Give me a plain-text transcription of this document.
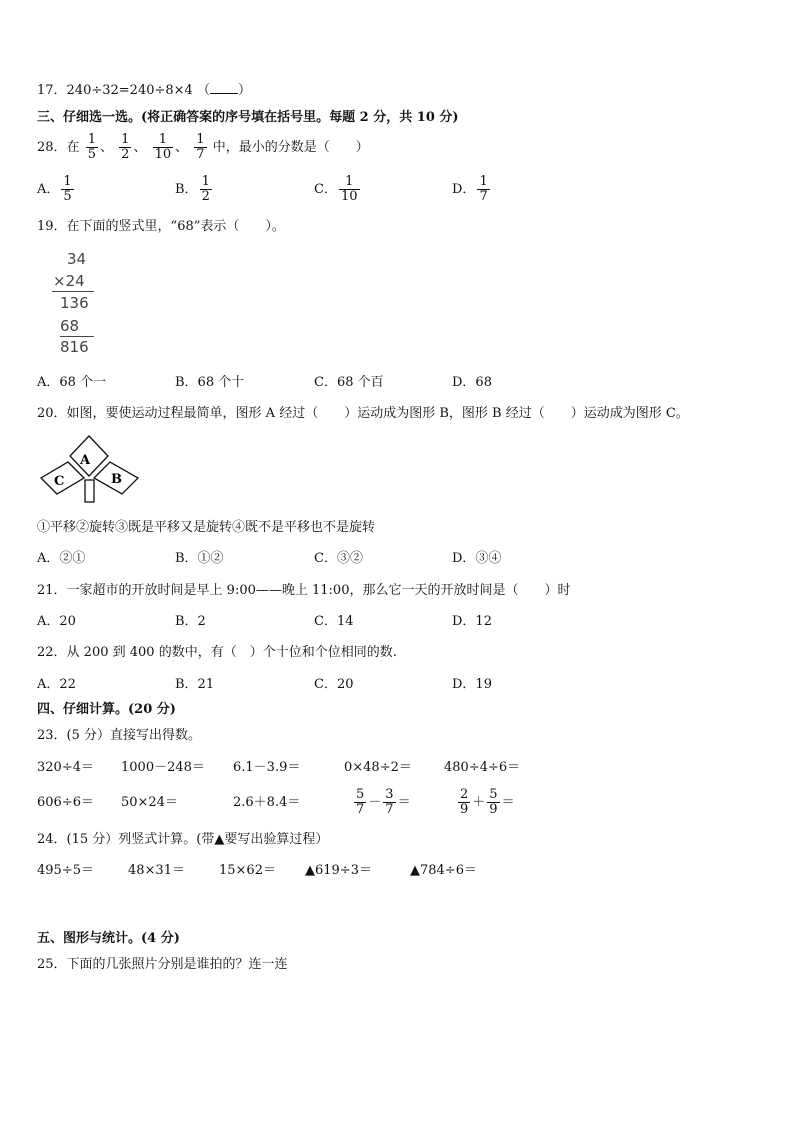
17．240÷32=240÷8×4 （ ）
三、仔细选一选。(将正确答案的序号填在括号里。每题 2 分，共 10 分)
28．在 $\frac{1}{5}$ 、 $\frac{1}{2}$ 、 $\frac{1}{10}$ 、 $\frac{1}{7}$ 中，最小的分数是（　　）
A． $\frac{1}{5}$	B． $\frac{1}{2}$	C． $\frac{1}{10}$	D． $\frac{1}{7}$
19．在下面的竖式里，“68”表示（　　）。
34
×24
136
68
816
A．68 个一	B．68 个十	C．68 个百	D．68
20．如图，要使运动过程最简单，图形 A 经过（　　）运动成为图形 B，图形 B 经过（　　）运动成为图形 C。
A
B
C
①平移②旋转③既是平移又是旋转④既不是平移也不是旋转
A．②①	B．①②	C．③②	D．③④
21．一家超市的开放时间是早上 9:00——晚上 11:00，那么它一天的开放时间是（　　）时
A．20	B．2	C．14	D．12
22．从 200 到 400 的数中，有（　）个十位和个位相同的数.
A．22	B．21	C．20	D．19
四、仔细计算。(20 分)
23．(5 分）直接写出得数。
320÷4＝ 1000－248＝ 6.1－3.9＝	0×48÷2＝ 480÷4÷6＝
606÷6＝ 50×24＝	2.6＋8.4＝	$\frac{5}{7} - \frac{3}{7}$ ＝	$\frac{2}{9} + \frac{5}{9}$ ＝
24．(15 分）列竖式计算。(带▲要写出验算过程）
495÷5＝	48×31＝	15×62＝ ▲619÷3＝	▲784÷6＝
五、图形与统计。(4 分)
25．下面的几张照片分别是谁拍的？连一连
